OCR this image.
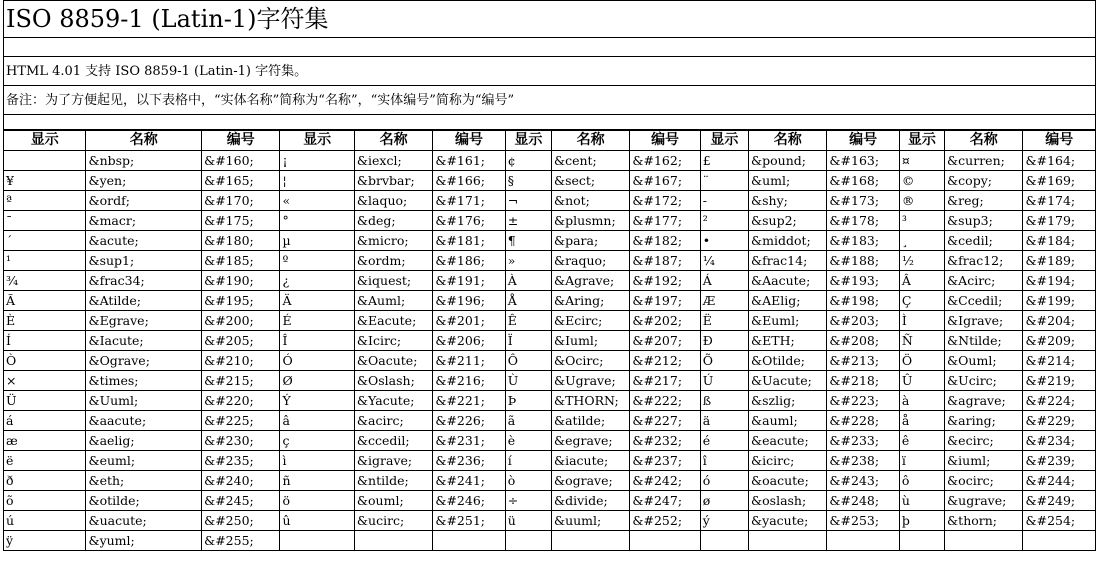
ISO 8859-1 (Latin-1)字符集
HTML 4.01 支持 ISO 8859-1 (Latin-1) 字符集。
备注：为了方便起见，以下表格中，“实体名称”简称为“名称”，“实体编号”简称为“编号”
显示	名称	编号	显示	名称	编号	显示	名称	编号	显示	名称	编号	显示	名称	编号
	&nbsp;	&#160;	¡	&iexcl;	&#161;	¢	&cent;	&#162;	£	&pound;	&#163;	¤	&curren;	&#164;
¥	&yen;	&#165;	¦	&brvbar;	&#166;	§	&sect;	&#167;	¨	&uml;	&#168;	©	&copy;	&#169;
ª	&ordf;	&#170;	«	&laquo;	&#171;	¬	&not;	&#172;	-	&shy;	&#173;	®	&reg;	&#174;
¯	&macr;	&#175;	°	&deg;	&#176;	±	&plusmn;	&#177;	²	&sup2;	&#178;	³	&sup3;	&#179;
´	&acute;	&#180;	µ	&micro;	&#181;	¶	&para;	&#182;	•	&middot;	&#183;	¸	&cedil;	&#184;
¹	&sup1;	&#185;	º	&ordm;	&#186;	»	&raquo;	&#187;	¼	&frac14;	&#188;	½	&frac12;	&#189;
¾	&frac34;	&#190;	¿	&iquest;	&#191;	À	&Agrave;	&#192;	Á	&Aacute;	&#193;	Â	&Acirc;	&#194;
Ã	&Atilde;	&#195;	Ä	&Auml;	&#196;	Å	&Aring;	&#197;	Æ	&AElig;	&#198;	Ç	&Ccedil;	&#199;
È	&Egrave;	&#200;	É	&Eacute;	&#201;	Ê	&Ecirc;	&#202;	Ë	&Euml;	&#203;	Ì	&Igrave;	&#204;
Í	&Iacute;	&#205;	Î	&Icirc;	&#206;	Ï	&Iuml;	&#207;	Ð	&ETH;	&#208;	Ñ	&Ntilde;	&#209;
Ò	&Ograve;	&#210;	Ó	&Oacute;	&#211;	Ô	&Ocirc;	&#212;	Õ	&Otilde;	&#213;	Ö	&Ouml;	&#214;
×	&times;	&#215;	Ø	&Oslash;	&#216;	Ù	&Ugrave;	&#217;	Ú	&Uacute;	&#218;	Û	&Ucirc;	&#219;
Ü	&Uuml;	&#220;	Ý	&Yacute;	&#221;	Þ	&THORN;	&#222;	ß	&szlig;	&#223;	à	&agrave;	&#224;
á	&aacute;	&#225;	â	&acirc;	&#226;	ã	&atilde;	&#227;	ä	&auml;	&#228;	å	&aring;	&#229;
æ	&aelig;	&#230;	ç	&ccedil;	&#231;	è	&egrave;	&#232;	é	&eacute;	&#233;	ê	&ecirc;	&#234;
ë	&euml;	&#235;	ì	&igrave;	&#236;	í	&iacute;	&#237;	î	&icirc;	&#238;	ï	&iuml;	&#239;
ð	&eth;	&#240;	ñ	&ntilde;	&#241;	ò	&ograve;	&#242;	ó	&oacute;	&#243;	ô	&ocirc;	&#244;
õ	&otilde;	&#245;	ö	&ouml;	&#246;	÷	&divide;	&#247;	ø	&oslash;	&#248;	ù	&ugrave;	&#249;
ú	&uacute;	&#250;	û	&ucirc;	&#251;	ü	&uuml;	&#252;	ý	&yacute;	&#253;	þ	&thorn;	&#254;
ÿ	&yuml;	&#255;												
